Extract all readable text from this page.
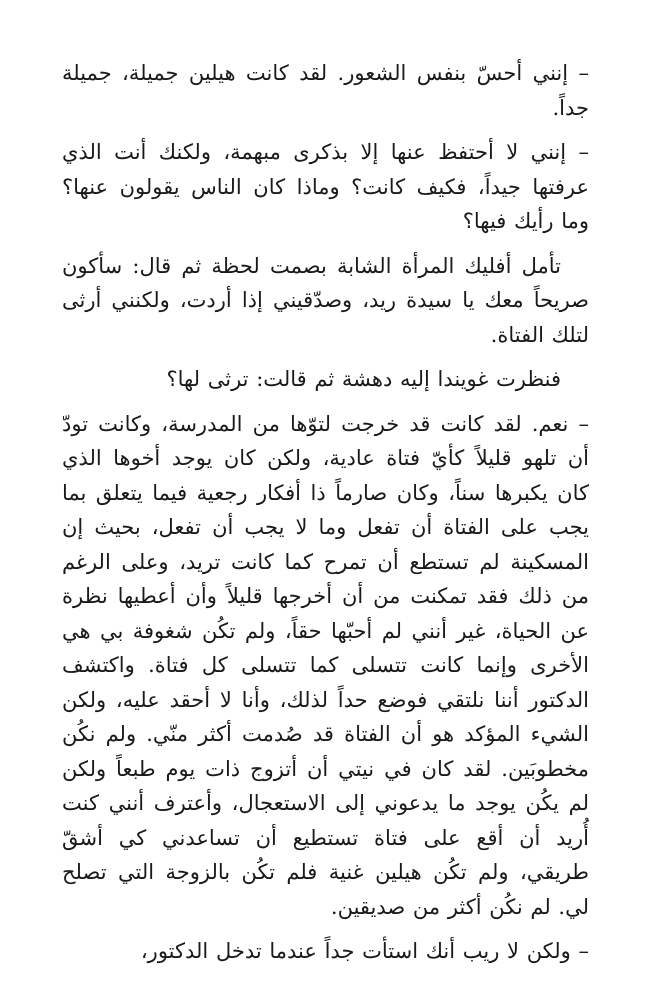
– إنني أحسّ بنفس الشعور. لقد كانت هيلين جميلة، جميلة جداً.

– إنني لا أحتفظ عنها إلا بذكرى مبهمة، ولكنك أنت الذي عرفتها جيداً، فكيف كانت؟ وماذا كان الناس يقولون عنها؟ وما رأيك فيها؟

تأمل أفليك المرأة الشابة بصمت لحظة ثم قال: سأكون صريحاً معك يا سيدة ريد، وصدّقيني إذا أردت، ولكنني أرثى لتلك الفتاة.

فنظرت غويندا إليه دهشة ثم قالت: ترثى لها؟

– نعم. لقد كانت قد خرجت لتوّها من المدرسة، وكانت تودّ أن تلهو قليلاً كأيّ فتاة عادية، ولكن كان يوجد أخوها الذي كان يكبرها سناً، وكان صارماً ذا أفكار رجعية فيما يتعلق بما يجب على الفتاة أن تفعل وما لا يجب أن تفعل، بحيث إن المسكينة لم تستطع أن تمرح كما كانت تريد، وعلى الرغم من ذلك فقد تمكنت من أن أخرجها قليلاً وأن أعطيها نظرة عن الحياة، غير أنني لم أحبّها حقاً، ولم تكُن شغوفة بي هي الأخرى وإنما كانت تتسلى كما تتسلى كل فتاة. واكتشف الدكتور أننا نلتقي فوضع حداً لذلك، وأنا لا أحقد عليه، ولكن الشيء المؤكد هو أن الفتاة قد صُدمت أكثر منّي. ولم نكُن مخطوبَين. لقد كان في نيتي أن أتزوج ذات يوم طبعاً ولكن لم يكُن يوجد ما يدعوني إلى الاستعجال، وأعترف أنني كنت أُريد أن أقع على فتاة تستطيع أن تساعدني كي أشقّ طريقي، ولم تكُن هيلين غنية فلم تكُن بالزوجة التي تصلح لي. لم نكُن أكثر من صديقين.

– ولكن لا ريب أنك استأت جداً عندما تدخل الدكتور،
